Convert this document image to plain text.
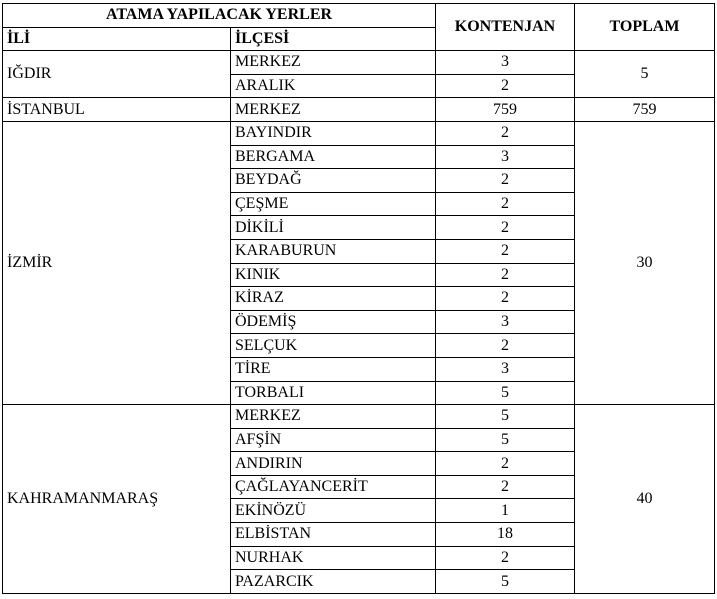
ATAMA YAPILACAK YERLER		KONTENJAN	TOPLAM
İLİ	İLÇESİ		
IĞDIR	MERKEZ	3	5
	ARALIK	2	
İSTANBUL	MERKEZ	759	759
İZMİR	BAYINDIR	2	30
	BERGAMA	3	
	BEYDAĞ	2	
	ÇEŞME	2	
	DİKİLİ	2	
	KARABURUN	2	
	KINIK	2	
	KİRAZ	2	
	ÖDEMİŞ	3	
	SELÇUK	2	
	TİRE	3	
	TORBALI	5	
KAHRAMANMARAŞ	MERKEZ	5	40
	AFŞİN	5	
	ANDIRIN	2	
	ÇAĞLAYANCERİT	2	
	EKİNÖZÜ	1	
	ELBİSTAN	18	
	NURHAK	2	
	PAZARCIK	5	
